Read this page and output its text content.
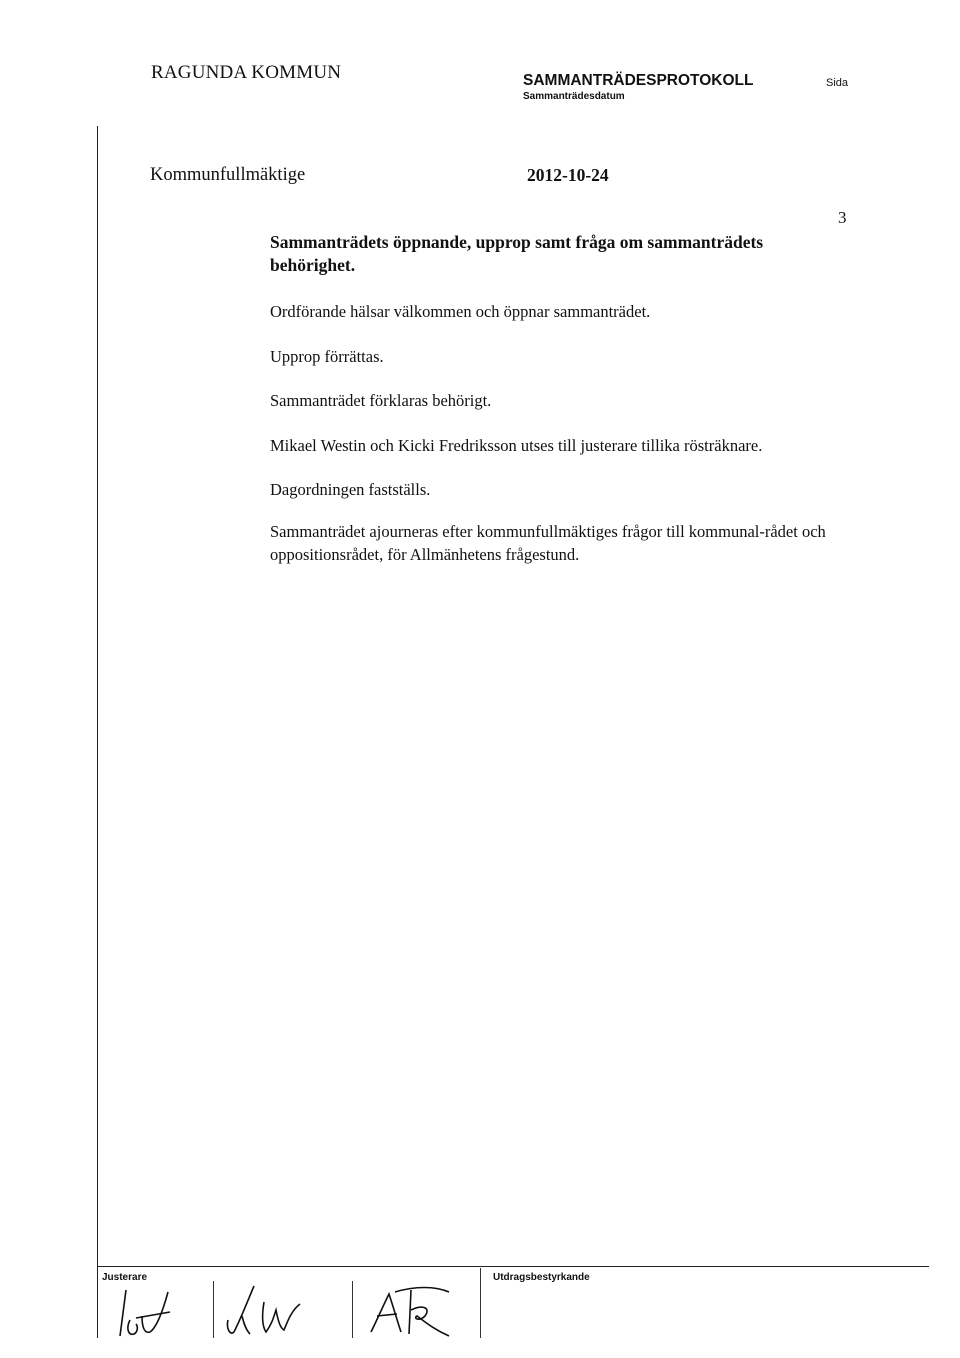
RAGUNDA KOMMUN	SAMMANTRÄDESPROTOKOLL
Sammanträdesdatum
Sida
Kommunfullmäktige	2012-10-24
3
Sammanträdets öppnande, upprop samt fråga om sammanträdets behörighet.

Ordförande hälsar välkommen och öppnar sammanträdet.

Upprop förrättas.

Sammanträdet förklaras behörigt.

Mikael Westin och Kicki Fredriksson utses till justerare tillika rösträknare.

Dagordningen fastställs.

Sammanträdet ajourneras efter kommunfullmäktiges frågor till kommunal-rådet och oppositionsrådet, för Allmänhetens frågestund.

Justerare	Utdragsbestyrkande
